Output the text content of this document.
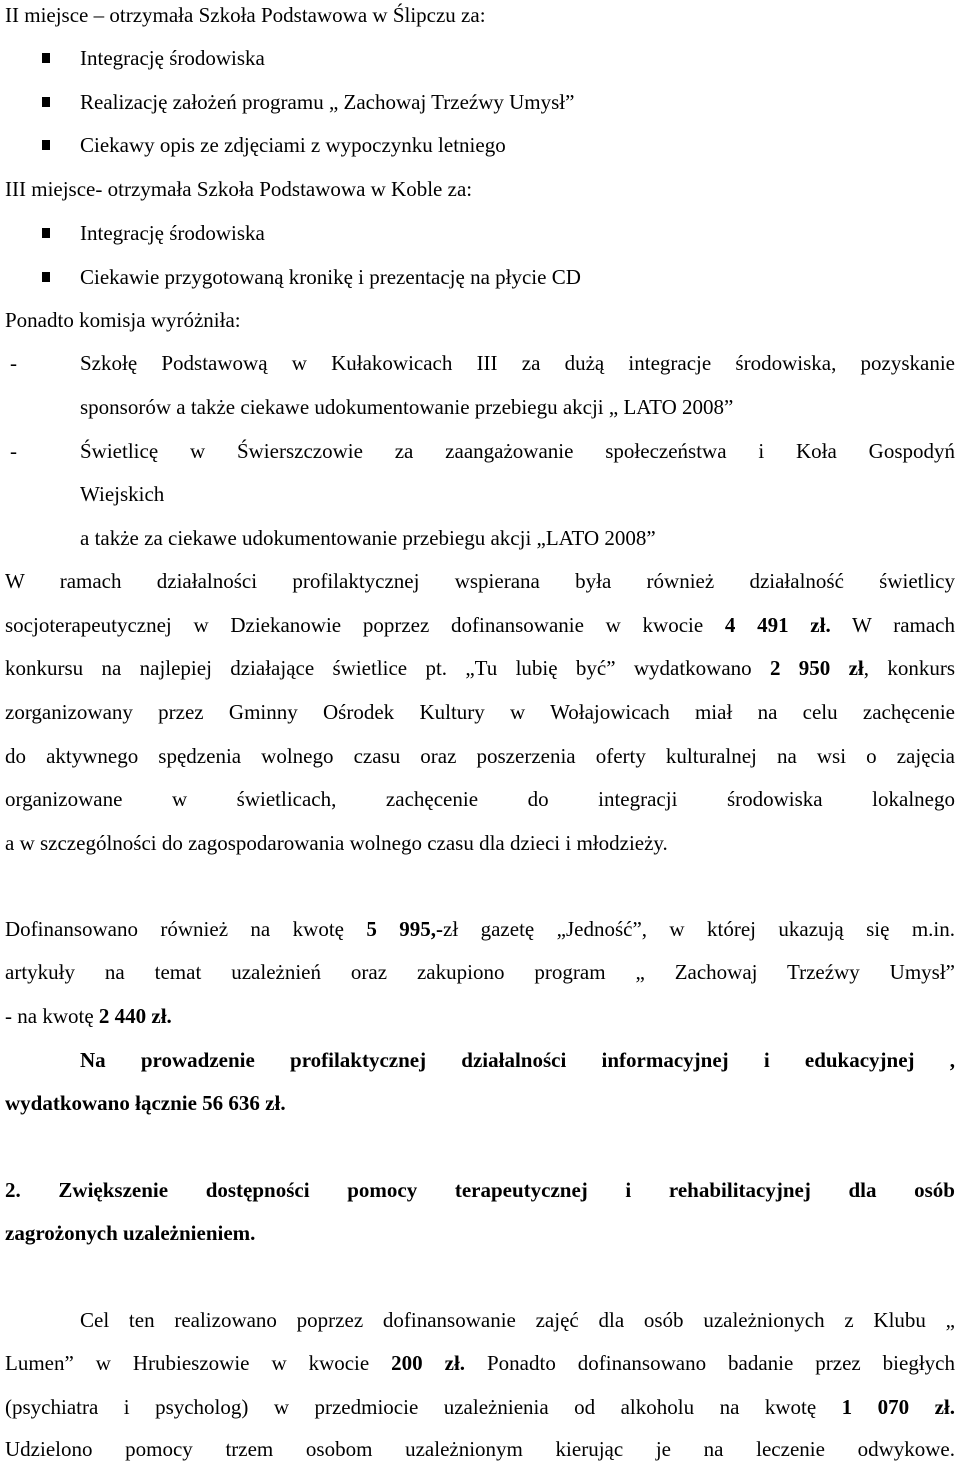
II miejsce – otrzymała Szkoła Podstawowa w Ślipczu za:
Integrację środowiska
Realizację założeń programu „ Zachowaj Trzeźwy Umysł”
Ciekawy opis ze zdjęciami z wypoczynku letniego
III miejsce- otrzymała Szkoła Podstawowa w Koble za:
Integrację środowiska
Ciekawie przygotowaną kronikę i prezentację na płycie CD
Ponadto komisja wyróżniła:
-	Szkołę Podstawową w Kułakowicach III za dużą integracje środowiska, pozyskanie
sponsorów a także ciekawe udokumentowanie przebiegu akcji „ LATO 2008”
-	Świetlicę w Świerszczowie za zaangażowanie społeczeństwa i Koła Gospodyń
Wiejskich
a także za ciekawe udokumentowanie przebiegu akcji „LATO 2008”
W ramach działalności profilaktycznej wspierana była również działalność świetlicy
socjoterapeutycznej w Dziekanowie poprzez dofinansowanie w kwocie 4 491 zł. W ramach
konkursu na najlepiej działające świetlice pt. „Tu lubię być” wydatkowano 2 950 zł, konkurs
zorganizowany przez Gminny Ośrodek Kultury w Wołajowicach miał na celu zachęcenie
do aktywnego spędzenia wolnego czasu oraz poszerzenia oferty kulturalnej na wsi o zajęcia
organizowane w świetlicach, zachęcenie do integracji środowiska lokalnego
a w szczególności do zagospodarowania wolnego czasu dla dzieci i młodzieży.
Dofinansowano również na kwotę 5 995,-zł gazetę „Jedność”, w której ukazują się m.in.
artykuły na temat uzależnień oraz zakupiono program „ Zachowaj Trzeźwy Umysł”
- na kwotę 2 440 zł.
Na prowadzenie profilaktycznej działalności informacyjnej i edukacyjnej ,
wydatkowano łącznie 56 636 zł.
2. Zwiększenie dostępności pomocy terapeutycznej i rehabilitacyjnej dla osób
zagrożonych uzależnieniem.
Cel ten realizowano poprzez dofinansowanie zajęć dla osób uzależnionych z Klubu „
Lumen” w Hrubieszowie w kwocie 200 zł. Ponadto dofinansowano badanie przez biegłych
(psychiatra i psycholog) w przedmiocie uzależnienia od alkoholu na kwotę 1 070 zł.
Udzielono pomocy trzem osobom uzależnionym kierując je na leczenie odwykowe.
